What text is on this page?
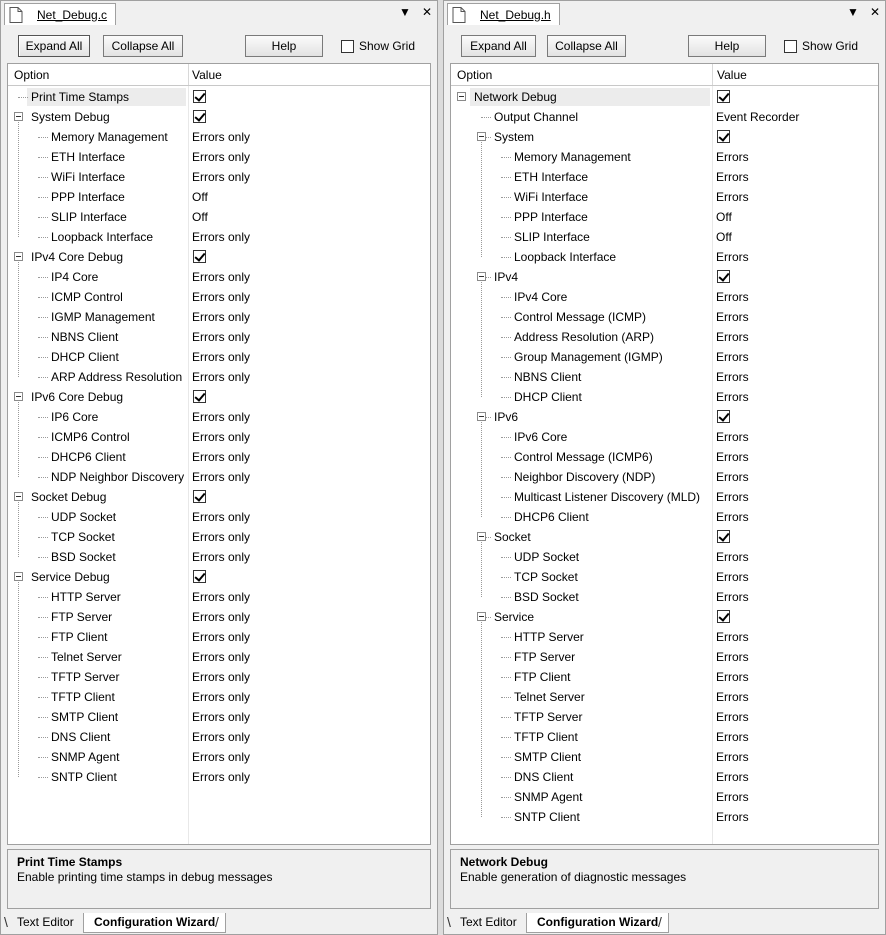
Net_Debug.c	▼ ✕
Expand All	Collapse All	Help	Show Grid
Option	Value
Print Time Stamps
System Debug
Memory Management Errors only
ETH Interface	Errors only
WiFi Interface	Errors only
PPP Interface	Off
SLIP Interface	Off
Loopback Interface	Errors only
IPv4 Core Debug
IP4 Core	Errors only
ICMP Control	Errors only
IGMP Management	Errors only
NBNS Client	Errors only
DHCP Client	Errors only
ARP Address Resolution Errors only
IPv6 Core Debug
IP6 Core	Errors only
ICMP6 Control	Errors only
DHCP6 Client	Errors only
NDP Neighbor Discovery Errors only
Socket Debug
UDP Socket	Errors only
TCP Socket	Errors only
BSD Socket	Errors only
Service Debug
HTTP Server	Errors only
FTP Server	Errors only
FTP Client	Errors only
Telnet Server	Errors only
TFTP Server	Errors only
TFTP Client	Errors only
SMTP Client	Errors only
DNS Client	Errors only
SNMP Agent	Errors only
SNTP Client	Errors only
Print Time Stamps
Enable printing time stamps in debug messages
\ Text Editor	Configuration Wizard /
Net_Debug.h	▼ ✕
Expand All	Collapse All	Help	Show Grid
Option	Value
Network Debug
Output Channel	Event Recorder
System
Memory Management	Errors
ETH Interface	Errors
WiFi Interface	Errors
PPP Interface	Off
SLIP Interface	Off
Loopback Interface	Errors
IPv4
IPv4 Core	Errors
Control Message (ICMP)	Errors
Address Resolution (ARP)	Errors
Group Management (IGMP)	Errors
NBNS Client	Errors
DHCP Client	Errors
IPv6
IPv6 Core	Errors
Control Message (ICMP6)	Errors
Neighbor Discovery (NDP)	Errors
Multicast Listener Discovery (MLD) Errors
DHCP6 Client	Errors
Socket
UDP Socket	Errors
TCP Socket	Errors
BSD Socket	Errors
Service
HTTP Server	Errors
FTP Server	Errors
FTP Client	Errors
Telnet Server	Errors
TFTP Server	Errors
TFTP Client	Errors
SMTP Client	Errors
DNS Client	Errors
SNMP Agent	Errors
SNTP Client	Errors
Network Debug
Enable generation of diagnostic messages
\ Text Editor	Configuration Wizard /
